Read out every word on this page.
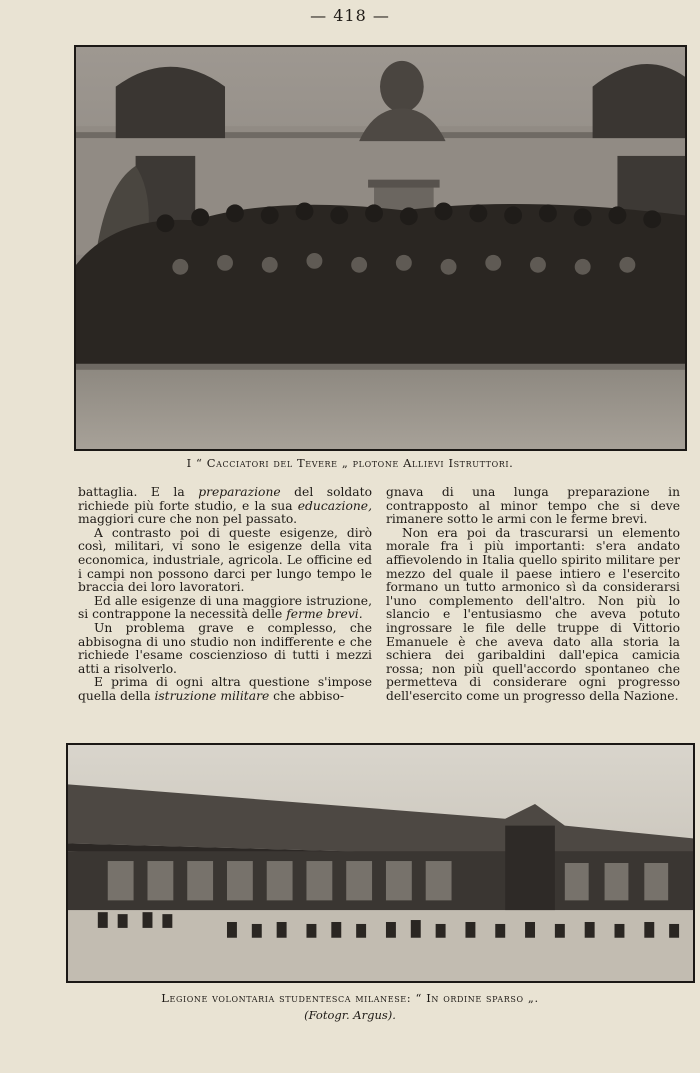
— 418 —
I “ Cacciatori del Tevere „ plotone Allievi Istruttori.

battaglia. E la preparazione del soldato richiede più forte studio, e la sua educazione, maggiori cure che non pel passato.

A contrasto poi di queste esigenze, dirò così, militari, vi sono le esigenze della vita economica, industriale, agricola. Le officine ed i campi non possono darci per lungo tempo le braccia dei loro lavoratori.

Ed alle esigenze di una maggiore istruzione, si contrappone la necessità delle ferme brevi.

Un problema grave e complesso, che abbisogna di uno studio non indifferente e che richiede l'esame coscienzioso di tutti i mezzi atti a risolverlo.

E prima di ogni altra questione s'impose quella della istruzione militare che abbiso-

gnava di una lunga preparazione in contrapposto al minor tempo che si deve rimanere sotto le armi con le ferme brevi.

Non era poi da trascurarsi un elemento morale fra i più importanti: s'era andato affievolendo in Italia quello spirito militare per mezzo del quale il paese intiero e l'esercito formano un tutto armonico sì da considerarsi l'uno complemento dell'altro. Non più lo slancio e l'entusiasmo che aveva potuto ingrossare le file delle truppe di Vittorio Emanuele è che aveva dato alla storia la schiera dei garibaldini dall'epica camicia rossa; non più quell'accordo spontaneo che permetteva di considerare ogni progresso dell'esercito come un progresso della Nazione.

Legione volontaria studentesca milanese: “ In ordine sparso „.
(Fotogr. Argus).
